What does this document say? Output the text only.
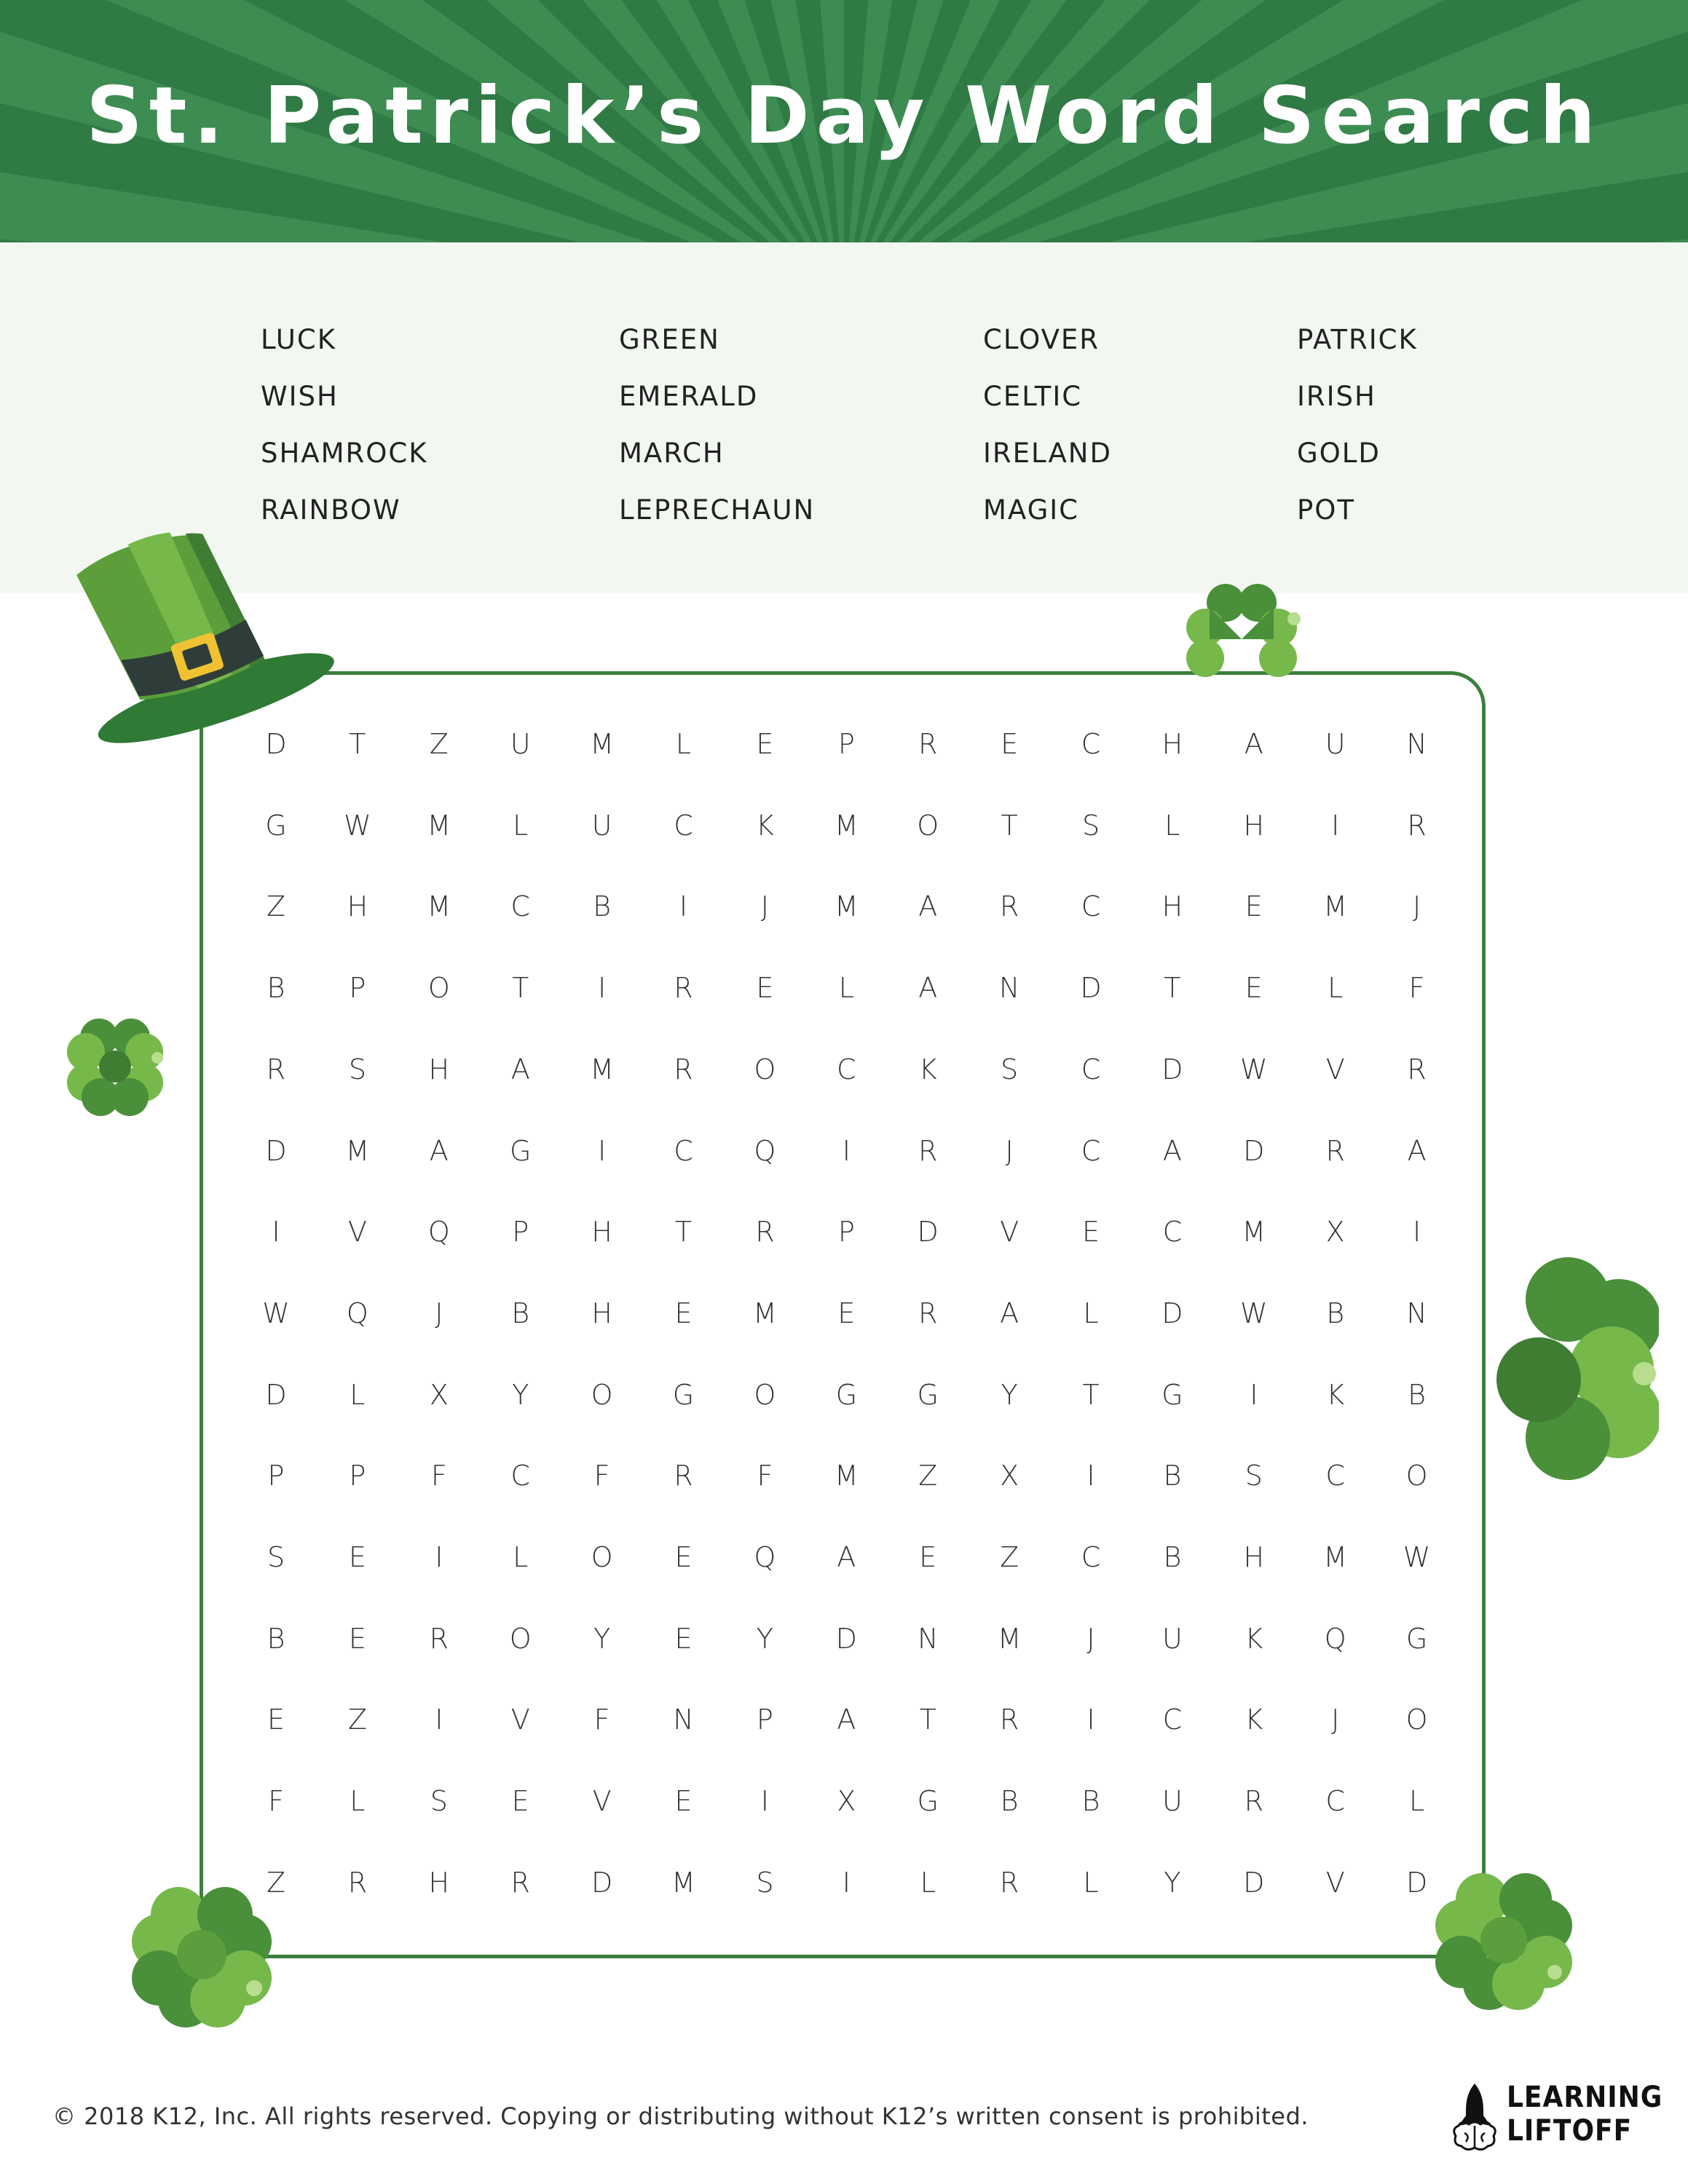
St. Patrick’s Day Word Search
LUCK
WISH
SHAMROCK
RAINBOW
GREEN
EMERALD
MARCH
LEPRECHAUN
CLOVER
CELTIC
IRELAND
MAGIC
PATRICK
IRISH
GOLD
POT
D	T	Z	U	M	L	E	P	R	E	C	H	A	U	N
G	W	M	L	U	C	K	M	O	T	S	L	H	I	R
Z	H	M	C	B	I	J	M	A	R	C	H	E	M	J
B	P	O	T	I	R	E	L	A	N	D	T	E	L	F
R	S	H	A	M	R	O	C	K	S	C	D	W	V	R
D	M	A	G	I	C	Q	I	R	J	C	A	D	R	A
I	V	Q	P	H	T	R	P	D	V	E	C	M	X	I
W	Q	J	B	H	E	M	E	R	A	L	D	W	B	N
D	L	X	Y	O	G	O	G	G	Y	T	G	I	K	B
P	P	F	C	F	R	F	M	Z	X	I	B	S	C	O
S	E	I	L	O	E	Q	A	E	Z	C	B	H	M	W
B	E	R	O	Y	E	Y	D	N	M	J	U	K	Q	G
E	Z	I	V	F	N	P	A	T	R	I	C	K	J	O
F	L	S	E	V	E	I	X	G	B	B	U	R	C	L
Z	R	H	R	D	M	S	I	L	R	L	Y	D	V	D
© 2018 K12, Inc. All rights reserved. Copying or distributing without K12’s written consent is prohibited.
LEARNING
LIFTOFF
